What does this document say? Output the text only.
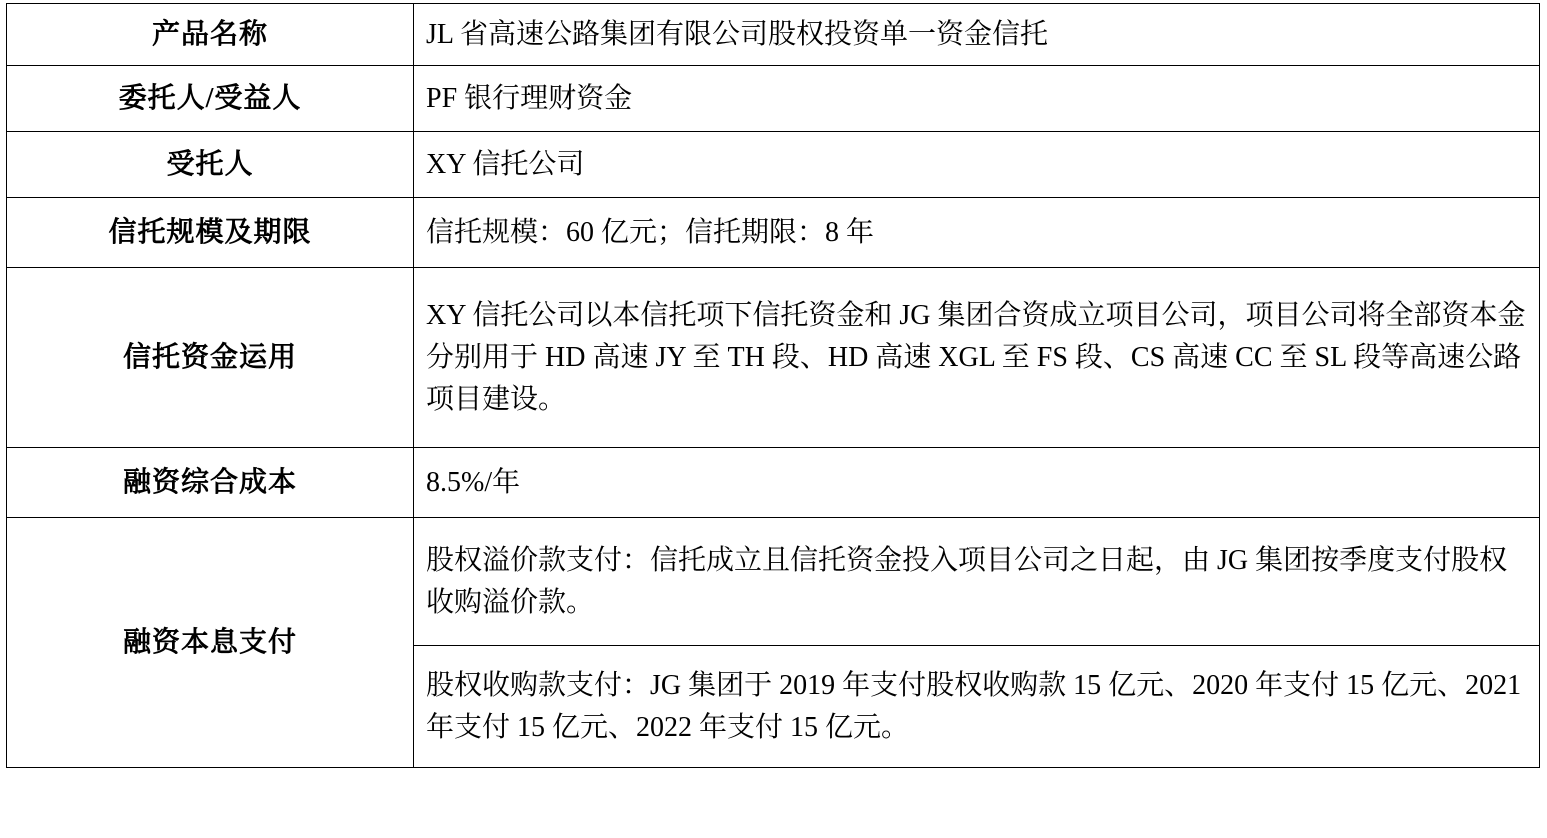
产品名称	JL 省高速公路集团有限公司股权投资单一资金信托
委托人/受益人	PF 银行理财资金
受托人	XY 信托公司
信托规模及期限	信托规模：60 亿元；信托期限：8 年
信托资金运用	XY 信托公司以本信托项下信托资金和 JG 集团合资成立项目公司，项目公司将全部资本金分别用于 HD 高速 JY 至 TH 段、HD 高速 XGL 至 FS 段、CS 高速 CC 至 SL 段等高速公路项目建设。
融资综合成本	8.5%/年
融资本息支付	股权溢价款支付：信托成立且信托资金投入项目公司之日起，由 JG 集团按季度支付股权收购溢价款。
	股权收购款支付：JG 集团于 2019 年支付股权收购款 15 亿元、2020 年支付 15 亿元、2021 年支付 15 亿元、2022 年支付 15 亿元。
